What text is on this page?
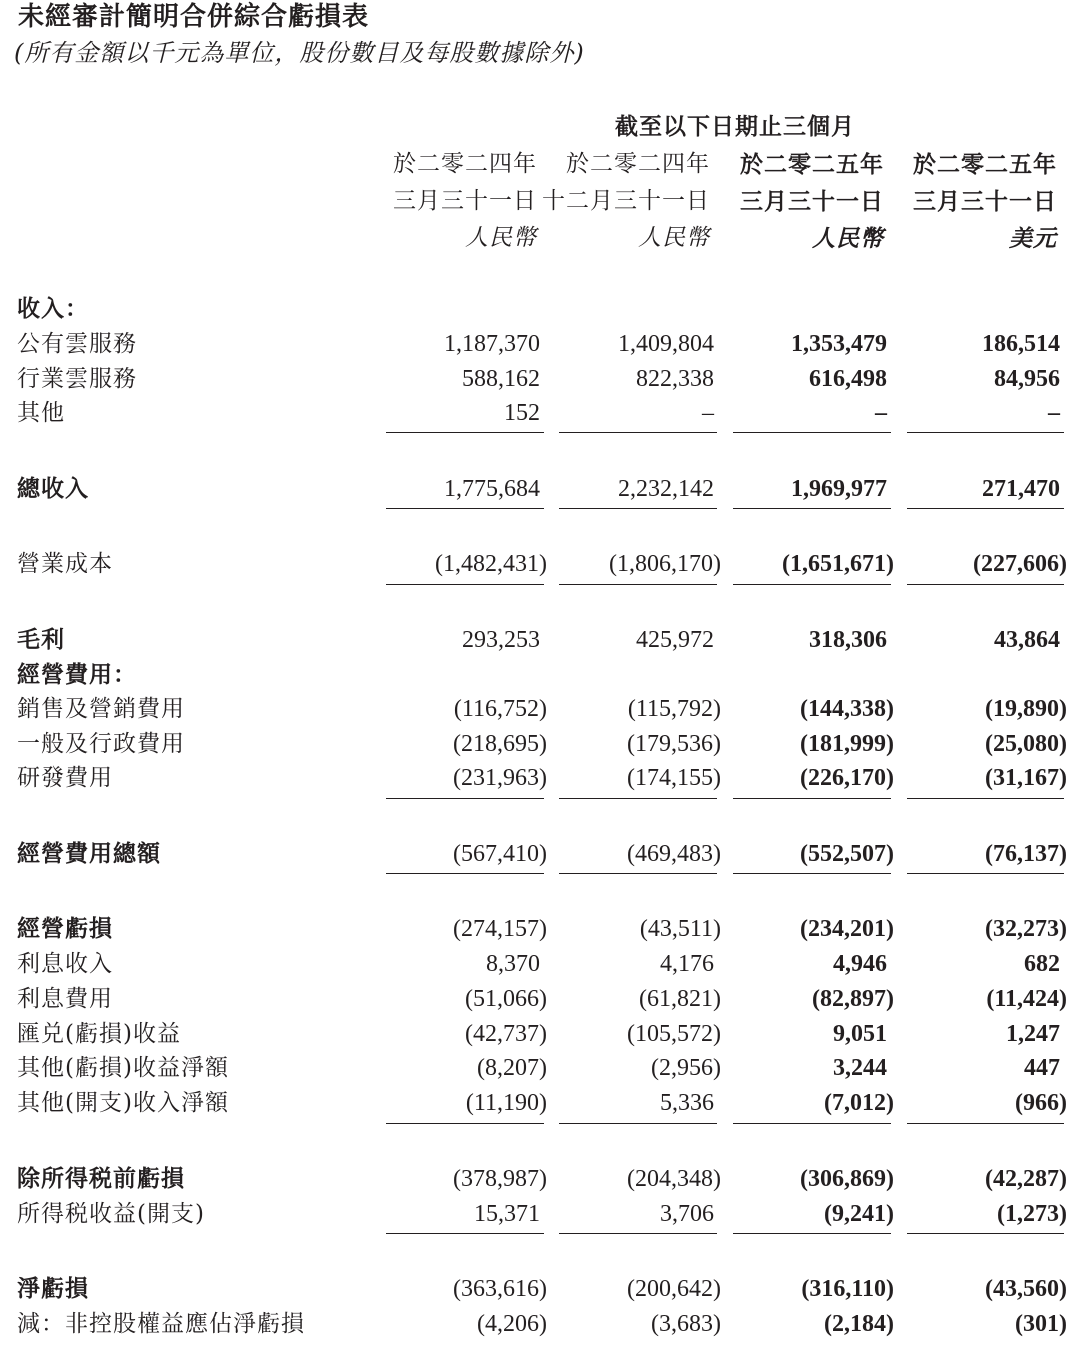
未經審計簡明合併綜合虧損表
(所有金額以千元為單位，股份數目及每股數據除外)
截至以下日期止三個月
於二零二四年
三月三十一日
人民幣
於二零二四年
十二月三十一日
人民幣
於二零二五年
三月三十一日
人民幣
於二零二五年
三月三十一日
美元
收入：
公有雲服務	1,187,370	1,409,804	1,353,479	186,514
行業雲服務	588,162	822,338	616,498	84,956
其他	152	–	–	–
總收入	1,775,684	2,232,142	1,969,977	271,470
營業成本	(1,482,431)	(1,806,170)	(1,651,671)	(227,606)
毛利	293,253	425,972	318,306	43,864
經營費用：
銷售及營銷費用	(116,752)	(115,792)	(144,338)	(19,890)
一般及行政費用	(218,695)	(179,536)	(181,999)	(25,080)
研發費用	(231,963)	(174,155)	(226,170)	(31,167)
經營費用總額	(567,410)	(469,483)	(552,507)	(76,137)
經營虧損	(274,157)	(43,511)	(234,201)	(32,273)
利息收入	8,370	4,176	4,946	682
利息費用	(51,066)	(61,821)	(82,897)	(11,424)
匯兑(虧損)收益	(42,737)	(105,572)	9,051	1,247
其他(虧損)收益淨額	(8,207)	(2,956)	3,244	447
其他(開支)收入淨額	(11,190)	5,336	(7,012)	(966)
除所得税前虧損	(378,987)	(204,348)	(306,869)	(42,287)
所得税收益(開支)	15,371	3,706	(9,241)	(1,273)
淨虧損	(363,616)	(200,642)	(316,110)	(43,560)
減：非控股權益應佔淨虧損	(4,206)	(3,683)	(2,184)	(301)
